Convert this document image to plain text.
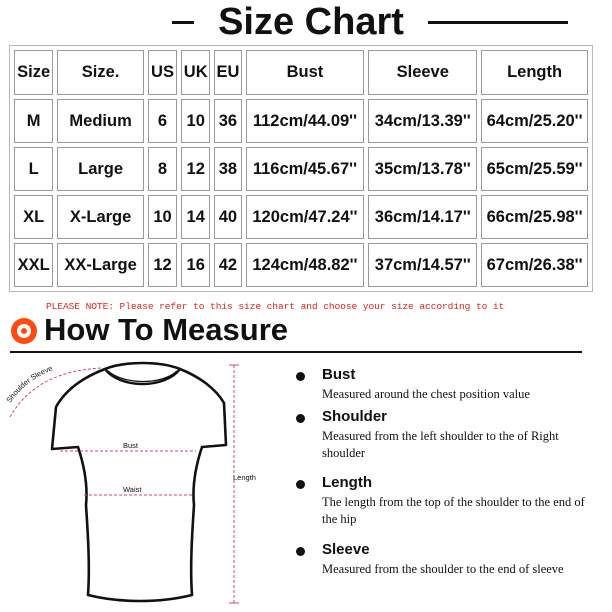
Size Chart
Size	Size.	US	UK	EU	Bust	Sleeve	Length
M	Medium	6	10	36	112cm/44.09''	34cm/13.39''	64cm/25.20''
L	Large	8	12	38	116cm/45.67''	35cm/13.78''	65cm/25.59''
XL	X-Large	10	14	40	120cm/47.24''	36cm/14.17''	66cm/25.98''
XXL	XX-Large	12	16	42	124cm/48.82''	37cm/14.57''	67cm/26.38''
PLEASE NOTE: Please refer to this size chart and choose your size according to it
How To Measure
Shoulder Sleeve
Bust
Waist
Length
Bust
Measured around the chest position value
Shoulder
Measured from the left shoulder to the of Right shoulder
Length
The length from the top of the shoulder to the end of the hip
Sleeve
Measured from the shoulder to the end of sleeve
